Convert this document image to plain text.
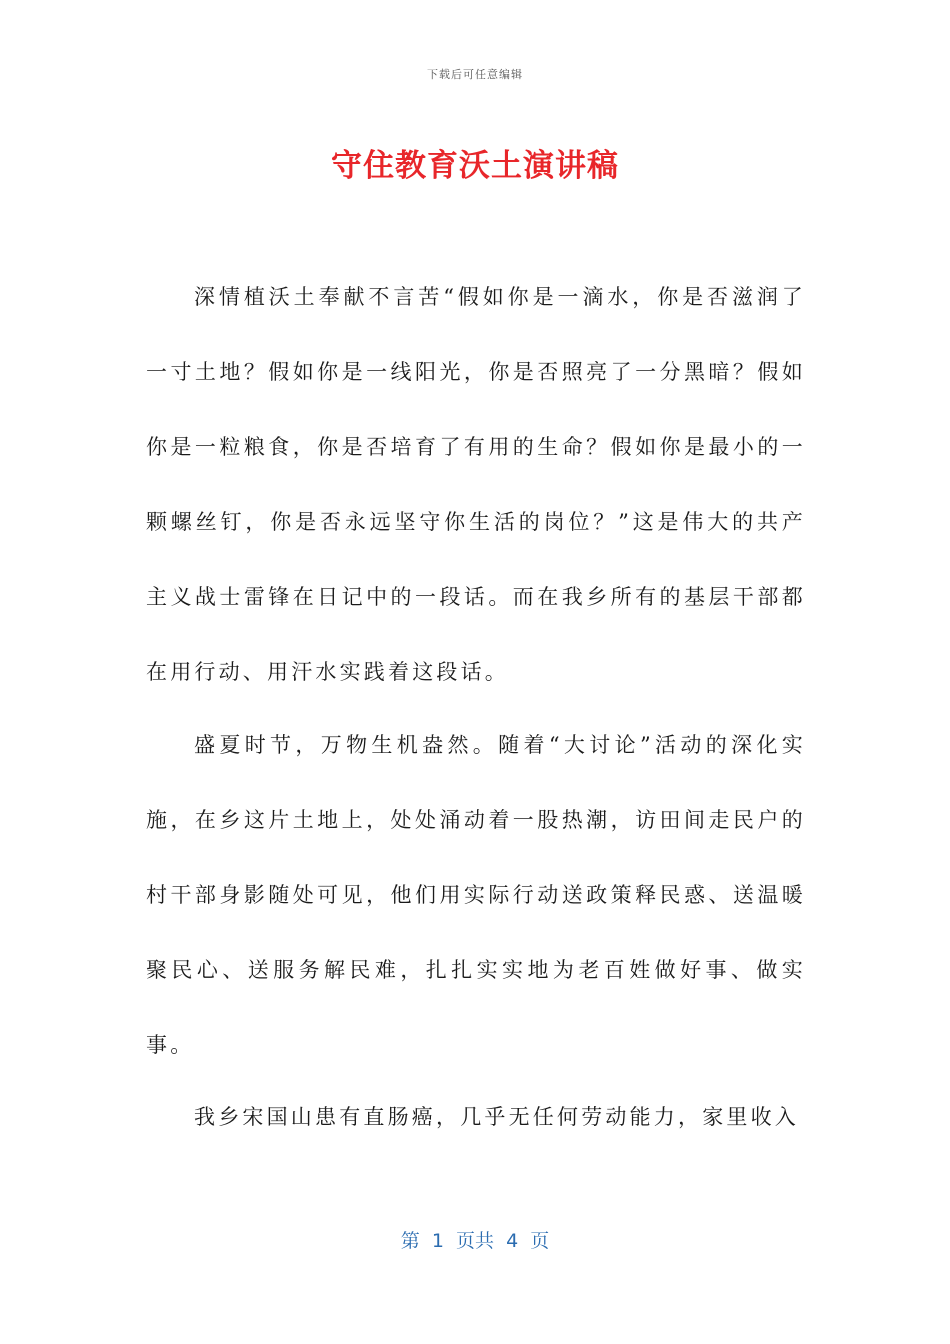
下载后可任意编辑
守住教育沃土演讲稿

深情植沃土奉献不言苦“假如你是一滴水，你是否滋润了一寸土地？假如你是一线阳光，你是否照亮了一分黑暗？假如你是一粒粮食，你是否培育了有用的生命？假如你是最小的一颗螺丝钉，你是否永远坚守你生活的岗位？”这是伟大的共产主义战士雷锋在日记中的一段话。而在我乡所有的基层干部都在用行动、用汗水实践着这段话。

盛夏时节，万物生机盎然。随着“大讨论”活动的深化实施，在乡这片土地上，处处涌动着一股热潮，访田间走民户的村干部身影随处可见，他们用实际行动送政策释民惑、送温暖聚民心、送服务解民难，扎扎实实地为老百姓做好事、做实事。

我乡宋国山患有直肠癌，几乎无任何劳动能力，家里收入

第  1  页共  4  页
